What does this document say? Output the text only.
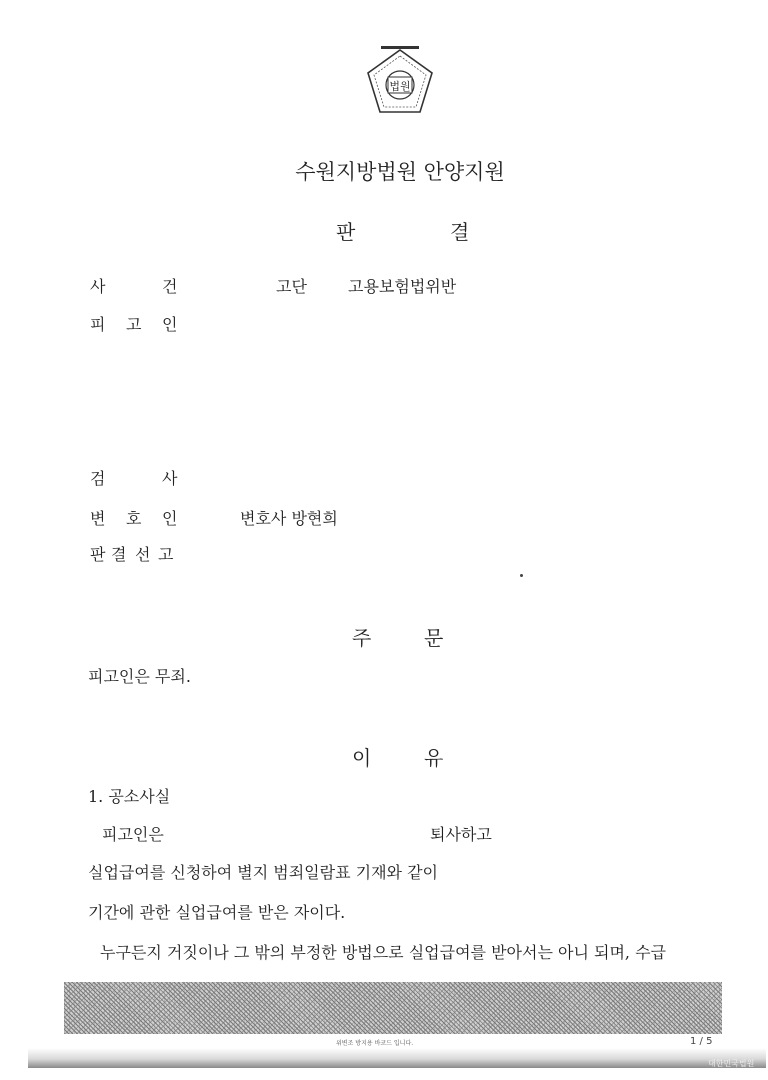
법원
수원지방법원 안양지원
판	결
사	건	고단	고용보험법위반
피 고 인
검	사
변 호 인	변호사 방현희
판 결 선 고
주	문
피고인은 무죄.
이	유
1. 공소사실
피고인은	퇴사하고
실업급여를 신청하여 별지 범죄일람표 기재와 같이
기간에 관한 실업급여를 받은 자이다.
누구든지 거짓이나 그 밖의 부정한 방법으로 실업급여를 받아서는 아니 되며, 수급
위변조 방지용 바코드 입니다.	1 / 5
대한민국법원
